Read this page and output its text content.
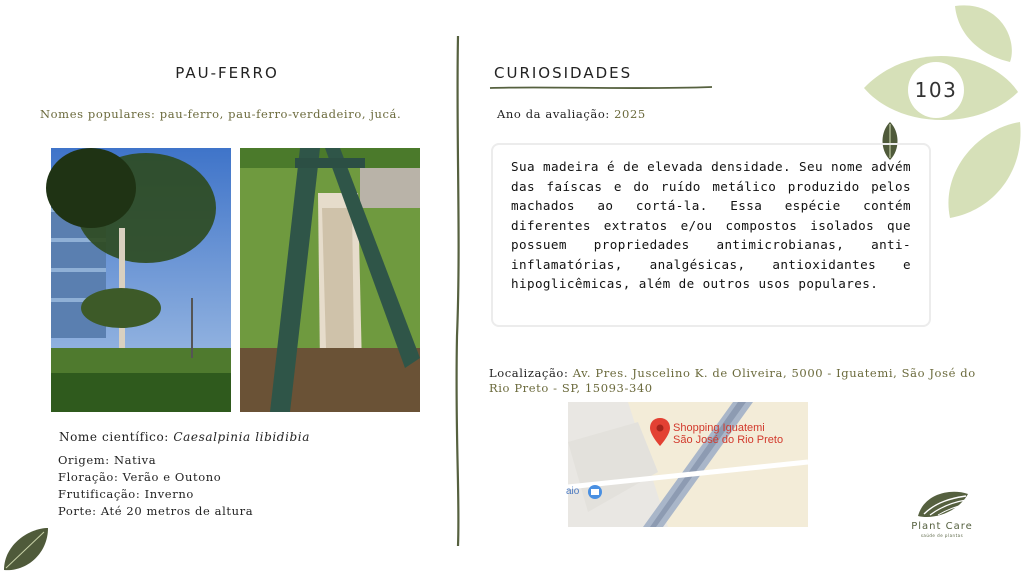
103
PAU-FERRO
Nomes populares: pau-ferro, pau-ferro-verdadeiro, jucá.
Nome científico: Caesalpinia libidibia
Origem: Nativa
Floração: Verão e Outono
Frutificação: Inverno
Porte: Até 20 metros de altura
CURIOSIDADES
Ano da avaliação: 2025
Sua madeira é de elevada densidade. Seu nome advém das faíscas e do ruído metálico produzido pelos machados ao cortá-la. Essa espécie contém diferentes extratos e/ou compostos isolados que possuem propriedades antimicrobianas, anti-inflamatórias, analgésicas, antioxidantes e hipoglicêmicas, além de outros usos populares.
Localização: Av. Pres. Juscelino K. de Oliveira, 5000 - Iguatemi, São José do Rio Preto - SP, 15093-340
Shopping Iguatemi
São José do Rio Preto
aio
Plant Care
saúde de plantas
